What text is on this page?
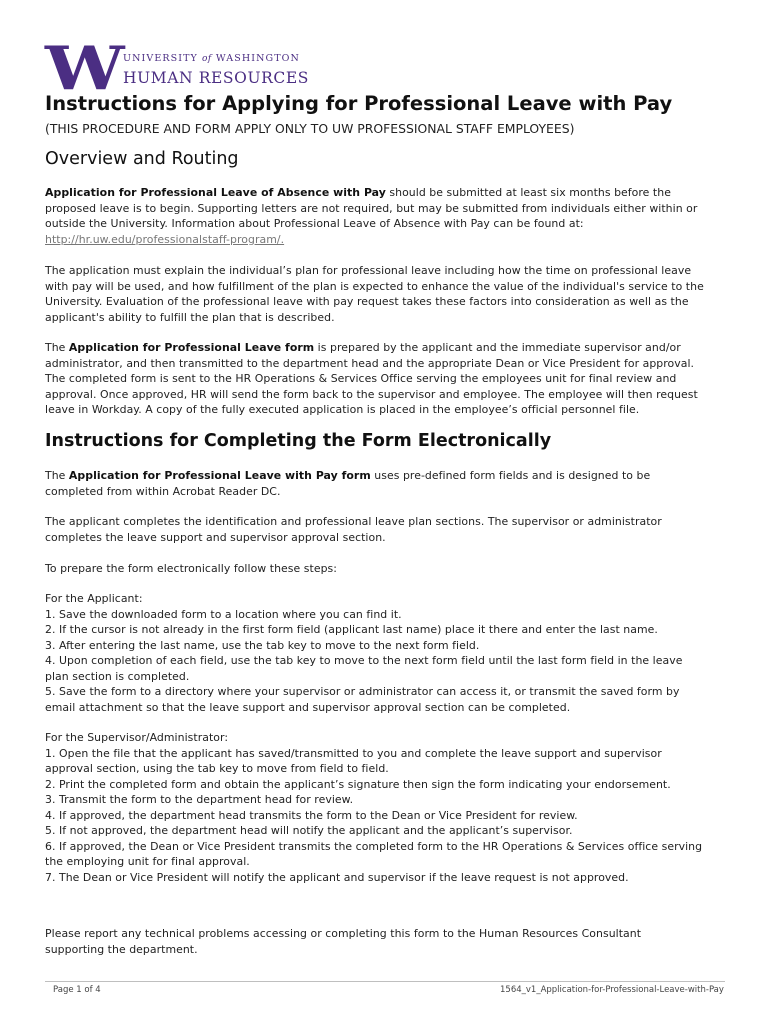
W UNIVERSITY of WASHINGTON
HUMAN RESOURCES
Instructions for Applying for Professional Leave with Pay
(THIS PROCEDURE AND FORM APPLY ONLY TO UW PROFESSIONAL STAFF EMPLOYEES)
Overview and Routing
Application for Professional Leave of Absence with Pay should be submitted at least six months before the
proposed leave is to begin. Supporting letters are not required, but may be submitted from individuals either within or
outside the University. Information about Professional Leave of Absence with Pay can be found at:
http://hr.uw.edu/professionalstaff-program/.
The application must explain the individual’s plan for professional leave including how the time on professional leave
with pay will be used, and how fulfillment of the plan is expected to enhance the value of the individual's service to the
University. Evaluation of the professional leave with pay request takes these factors into consideration as well as the
applicant's ability to fulfill the plan that is described.
The Application for Professional Leave form is prepared by the applicant and the immediate supervisor and/or
administrator, and then transmitted to the department head and the appropriate Dean or Vice President for approval.
The completed form is sent to the HR Operations & Services Office serving the employees unit for final review and
approval. Once approved, HR will send the form back to the supervisor and employee. The employee will then request
leave in Workday. A copy of the fully executed application is placed in the employee’s official personnel file.
Instructions for Completing the Form Electronically
The Application for Professional Leave with Pay form uses pre-defined form fields and is designed to be
completed from within Acrobat Reader DC.
The applicant completes the identification and professional leave plan sections. The supervisor or administrator
completes the leave support and supervisor approval section.
To prepare the form electronically follow these steps:
For the Applicant:
1. Save the downloaded form to a location where you can find it.
2. If the cursor is not already in the first form field (applicant last name) place it there and enter the last name.
3. After entering the last name, use the tab key to move to the next form field.
4. Upon completion of each field, use the tab key to move to the next form field until the last form field in the leave
plan section is completed.
5. Save the form to a directory where your supervisor or administrator can access it, or transmit the saved form by
email attachment so that the leave support and supervisor approval section can be completed.
For the Supervisor/Administrator:
1. Open the file that the applicant has saved/transmitted to you and complete the leave support and supervisor
approval section, using the tab key to move from field to field.
2. Print the completed form and obtain the applicant’s signature then sign the form indicating your endorsement.
3. Transmit the form to the department head for review.
4. If approved, the department head transmits the form to the Dean or Vice President for review.
5. If not approved, the department head will notify the applicant and the applicant’s supervisor.
6. If approved, the Dean or Vice President transmits the completed form to the HR Operations & Services office serving
the employing unit for final approval.
7. The Dean or Vice President will notify the applicant and supervisor if the leave request is not approved.
Please report any technical problems accessing or completing this form to the Human Resources Consultant
supporting the department.
Page 1 of 4	1564_v1_Application-for-Professional-Leave-with-Pay
